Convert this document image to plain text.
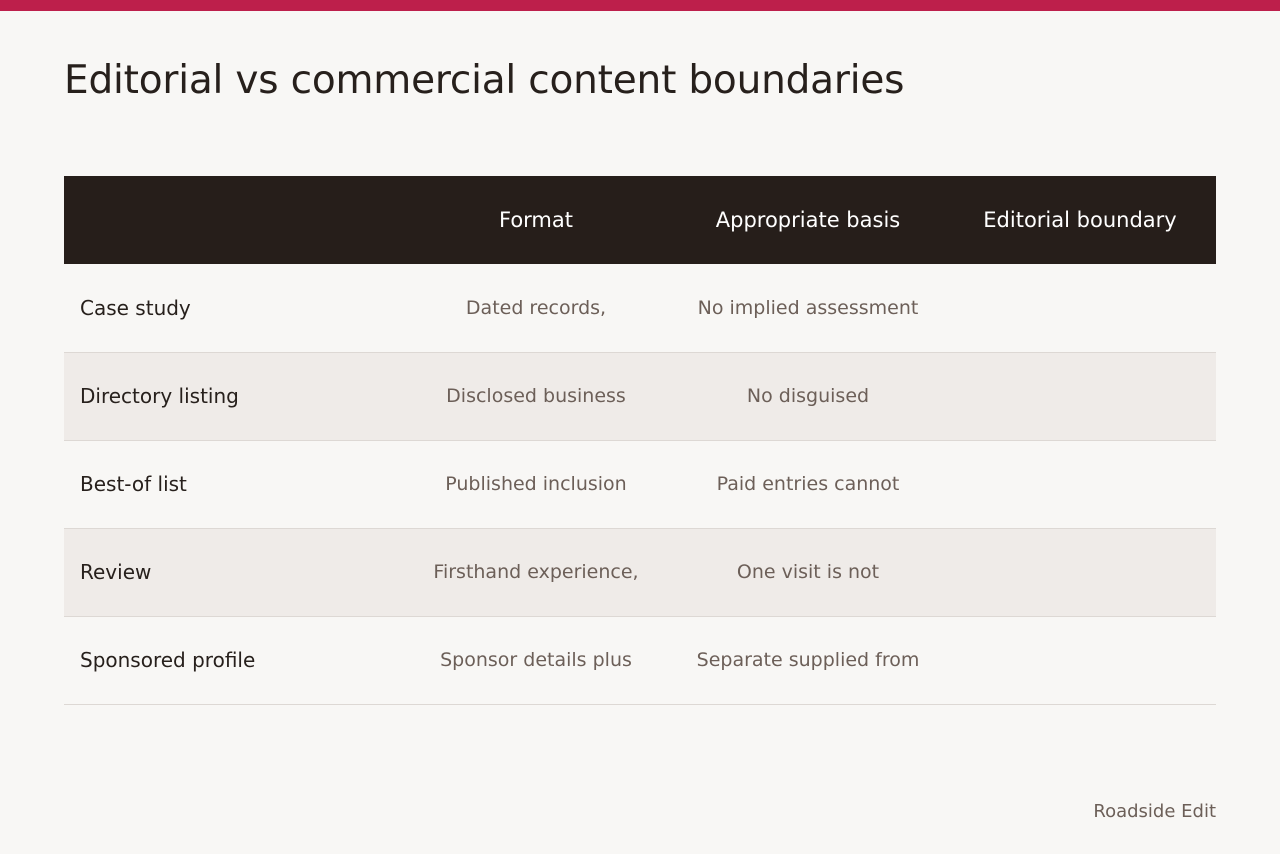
Editorial vs commercial content boundaries
	Format	Appropriate basis	Editorial boundary
Case study	Dated records,	No implied assessment	
Directory listing	Disclosed business	No disguised	
Best-of list	Published inclusion	Paid entries cannot	
Review	Firsthand experience,	One visit is not	
Sponsored profile	Sponsor details plus	Separate supplied from	
Roadside Edit
